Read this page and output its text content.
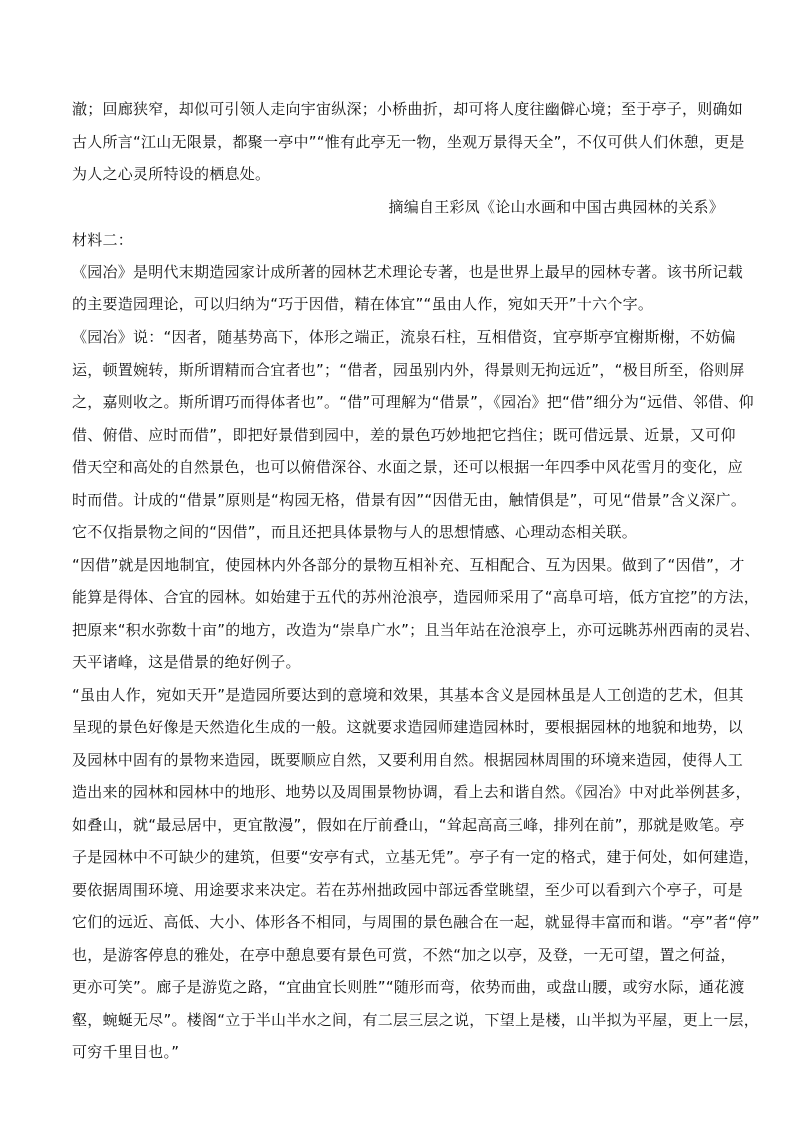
澈；回廊狭窄，却似可引领人走向宇宙纵深；小桥曲折，却可将人度往幽僻心境；至于亭子，则确如
古人所言“江山无限景，都聚一亭中”“惟有此亭无一物，坐观万景得天全”，不仅可供人们休憩，更是
为人之心灵所特设的栖息处。
摘编自王彩凤《论山水画和中国古典园林的关系》
材料二：
《园冶》是明代末期造园家计成所著的园林艺术理论专著，也是世界上最早的园林专著。该书所记载
的主要造园理论，可以归纳为“巧于因借，精在体宜”“虽由人作，宛如天开”十六个字。
《园冶》说：“因者，随基势高下，体形之端正，流泉石柱，互相借资，宜亭斯亭宜榭斯榭，不妨偏
运，顿置婉转，斯所谓精而合宜者也”；“借者，园虽别内外，得景则无拘远近”，“极目所至，俗则屏
之，嘉则收之。斯所谓巧而得体者也”。“借”可理解为“借景”，《园冶》把“借”细分为“远借、邻借、仰
借、俯借、应时而借”，即把好景借到园中，差的景色巧妙地把它挡住；既可借远景、近景，又可仰
借天空和高处的自然景色，也可以俯借深谷、水面之景，还可以根据一年四季中风花雪月的变化，应
时而借。计成的“借景”原则是“构园无格，借景有因”“因借无由，触情俱是”，可见“借景”含义深广。
它不仅指景物之间的“因借”，而且还把具体景物与人的思想情感、心理动态相关联。
“因借”就是因地制宜，使园林内外各部分的景物互相补充、互相配合、互为因果。做到了“因借”，才
能算是得体、合宜的园林。如始建于五代的苏州沧浪亭，造园师采用了“高阜可培，低方宜挖”的方法，
把原来“积水弥数十亩”的地方，改造为“崇阜广水”；且当年站在沧浪亭上，亦可远眺苏州西南的灵岩、
天平诸峰，这是借景的绝好例子。
“虽由人作，宛如天开”是造园所要达到的意境和效果，其基本含义是园林虽是人工创造的艺术，但其
呈现的景色好像是天然造化生成的一般。这就要求造园师建造园林时，要根据园林的地貌和地势，以
及园林中固有的景物来造园，既要顺应自然，又要利用自然。根据园林周围的环境来造园，使得人工
造出来的园林和园林中的地形、地势以及周围景物协调，看上去和谐自然。《园冶》中对此举例甚多，
如叠山，就“最忌居中，更宜散漫”，假如在厅前叠山，“耸起高高三峰，排列在前”，那就是败笔。亭
子是园林中不可缺少的建筑，但要“安亭有式，立基无凭”。亭子有一定的格式，建于何处，如何建造，
要依据周围环境、用途要求来决定。若在苏州拙政园中部远香堂眺望，至少可以看到六个亭子，可是
它们的远近、高低、大小、体形各不相同，与周围的景色融合在一起，就显得丰富而和谐。“亭”者“停”
也，是游客停息的雅处，在亭中憩息要有景色可赏，不然“加之以亭，及登，一无可望，置之何益，
更亦可笑”。廊子是游览之路，“宜曲宜长则胜”“随形而弯，依势而曲，或盘山腰，或穷水际，通花渡
壑，蜿蜒无尽”。楼阁“立于半山半水之间，有二层三层之说，下望上是楼，山半拟为平屋，更上一层，
可穷千里目也。”
